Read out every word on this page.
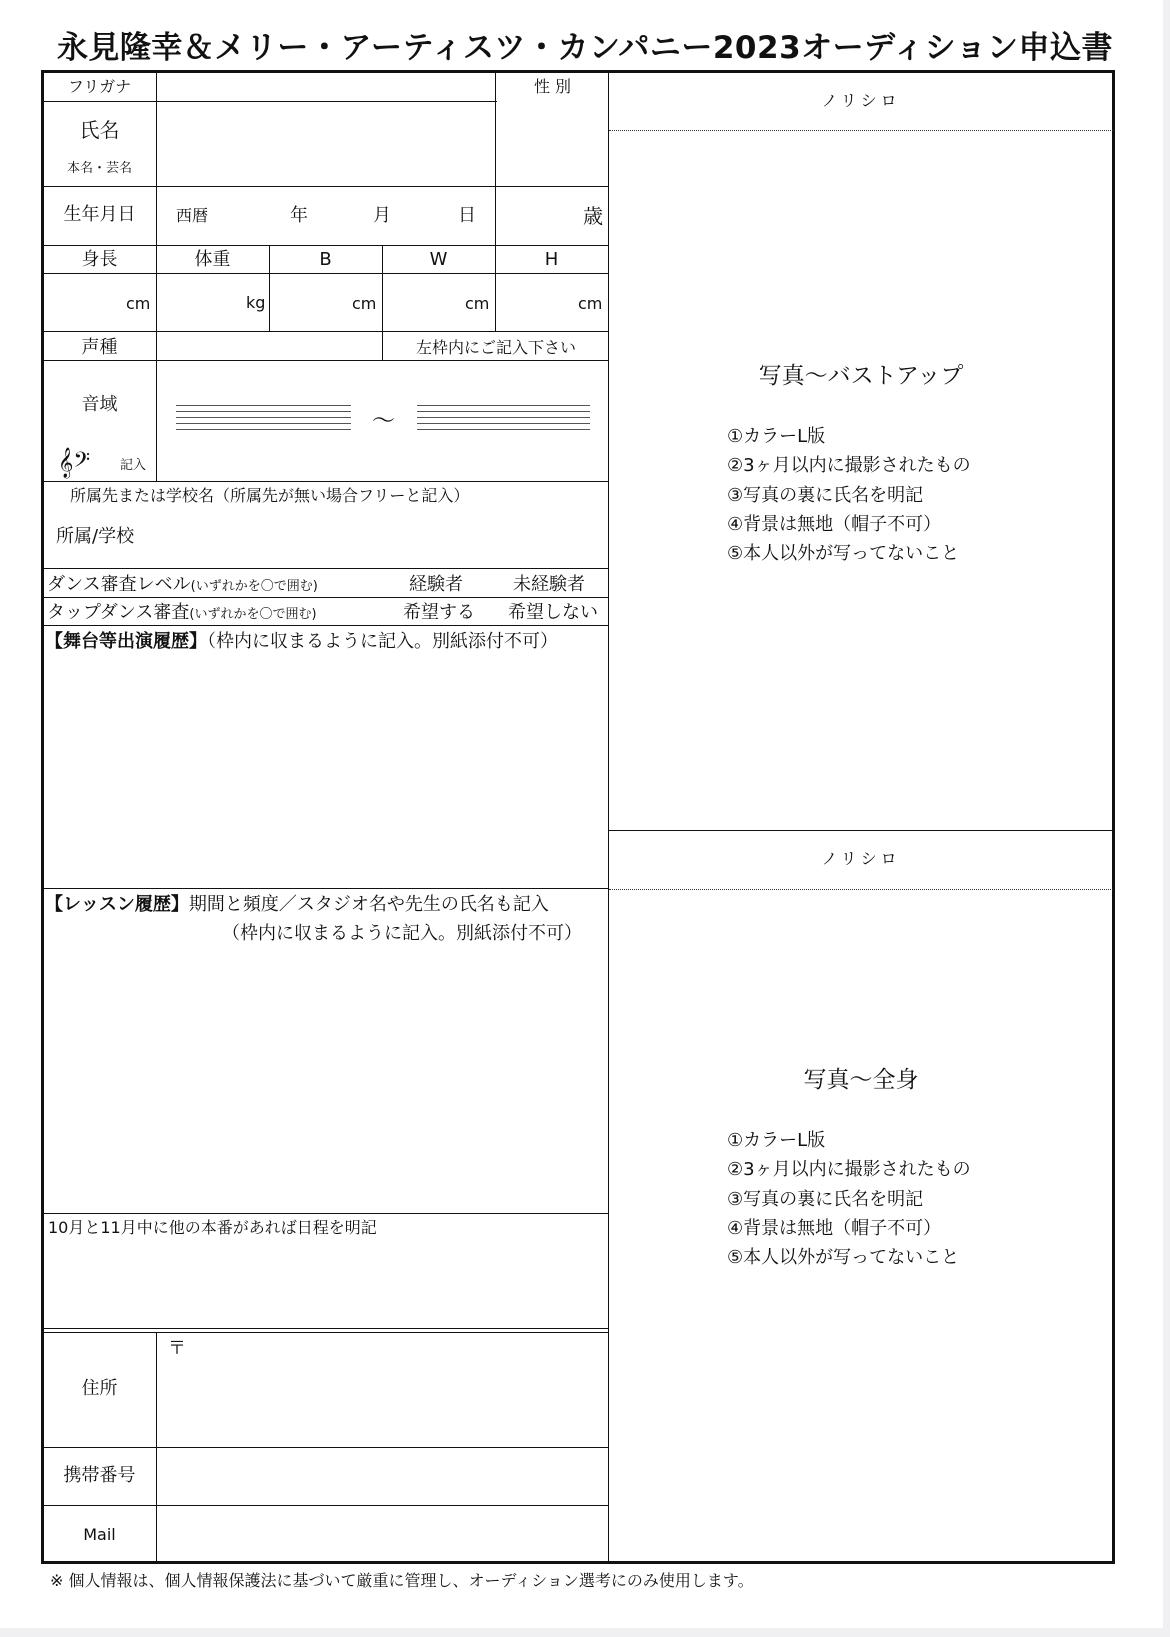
永見隆幸＆メリー・アーティスツ・カンパニー2023オーディション申込書
フリガナ	性 別
氏名
本名・芸名
生年月日	西暦	年	月	日	歳
身長	体重	B	W	H
cm	kg	cm	cm	cm
声種	左枠内にご記入下さい
音域
𝄞𝄢 記入
～
所属先または学校名（所属先が無い場合フリーと記入）
所属/学校
ダンス審査レベル(いずれかを〇で囲む)	経験者	未経験者
タップダンス審査(いずれかを〇で囲む)	希望する 希望しない
【舞台等出演履歴】（枠内に収まるように記入。別紙添付不可）
【レッスン履歴】期間と頻度／スタジオ名や先生の氏名も記入
（枠内に収まるように記入。別紙添付不可）
10月と11月中に他の本番があれば日程を明記
〒
住所
携帯番号
Mail
ノリシロ
写真～バストアップ
①カラーL版
②3ヶ月以内に撮影されたもの
③写真の裏に氏名を明記
④背景は無地（帽子不可）
⑤本人以外が写ってないこと
ノリシロ
写真～全身
①カラーL版
②3ヶ月以内に撮影されたもの
③写真の裏に氏名を明記
④背景は無地（帽子不可）
⑤本人以外が写ってないこと
※ 個人情報は、個人情報保護法に基づいて厳重に管理し、オーディション選考にのみ使用します。
